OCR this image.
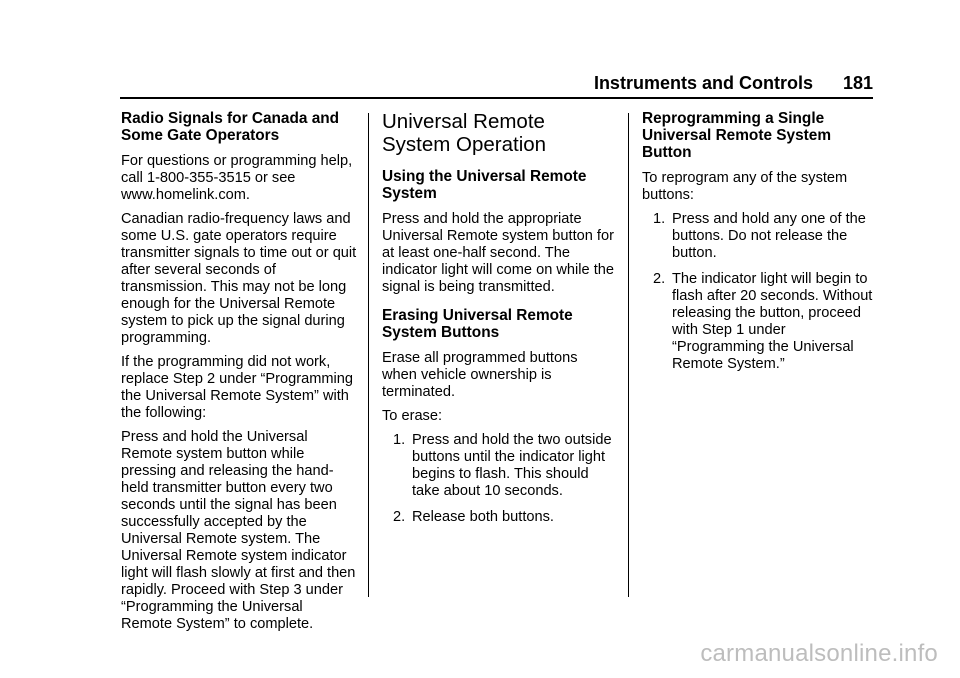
Instruments and Controls 181
Radio Signals for Canada and Some Gate Operators

For questions or programming help, call 1-800-355-3515 or see www.homelink.com.

Canadian radio-frequency laws and some U.S. gate operators require transmitter signals to time out or quit after several seconds of transmission. This may not be long enough for the Universal Remote system to pick up the signal during programming.

If the programming did not work, replace Step 2 under “Programming the Universal Remote System” with the following:

Press and hold the Universal Remote system button while pressing and releasing the hand-held transmitter button every two seconds until the signal has been successfully accepted by the Universal Remote system. The Universal Remote system indicator light will flash slowly at first and then rapidly. Proceed with Step 3 under “Programming the Universal Remote System” to complete.

Universal Remote System Operation
Using the Universal Remote System

Press and hold the appropriate Universal Remote system button for at least one-half second. The indicator light will come on while the signal is being transmitted.

Erasing Universal Remote System Buttons

Erase all programmed buttons when vehicle ownership is terminated.

To erase:

1. Press and hold the two outside buttons until the indicator light begins to flash. This should take about 10 seconds.
2. Release both buttons.
Reprogramming a Single Universal Remote System Button

To reprogram any of the system buttons:

1. Press and hold any one of the buttons. Do not release the button.
2. The indicator light will begin to flash after 20 seconds. Without releasing the button, proceed with Step 1 under “Programming the Universal Remote System.”
carmanualsonline.info
